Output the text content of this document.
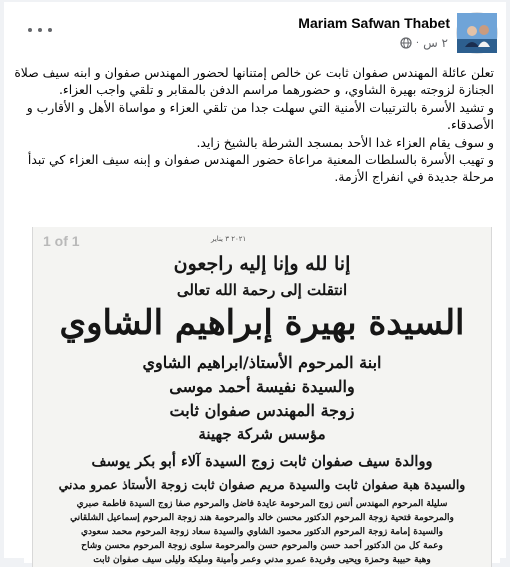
Mariam Safwan Thabet
٢ س
·

تعلن عائلة المهندس صفوان ثابت عن خالص إمتنانها لحضور المهندس صفوان و ابنه سيف صلاة الجنازة لزوجته بهيرة الشاوي، و حضورهما مراسم الدفن بالمقابر و تلقي واجب العزاء.

و تشيد الأسرة بالترتيبات الأمنية التي سهلت جدا من تلقي العزاء و مواساة الأهل و الأقارب و الأصدقاء.

و سوف يقام العزاء غدا الأحد بمسجد الشرطة بالشيخ زايد.

و تهيب الأسرة بالسلطات المعنية مراعاة حضور المهندس صفوان و إبنه سيف العزاء كي تبدأ مرحلة جديدة في انفراج الأزمة.

1 of 1	٢٠٢١ ٣ يناير
إنا لله وإنا إليه راجعون
انتقلت إلى رحمة الله تعالى
السيدة بهيرة إبراهيم الشاوي
ابنة المرحوم الأستاذ/ابراهيم الشاوي
والسيدة نفيسة أحمد موسى
زوجة المهندس صفوان ثابت
مؤسس شركة جهينة
ووالدة سيف صفوان ثابت زوج السيدة آلاء أبو بكر يوسف
والسيدة هبة صفوان ثابت والسيدة مريم صفوان ثابت زوجة الأستاذ عمرو مدني
سليلة المرحوم المهندس أنس زوج المرحومة عايدة فاضل والمرحوم صفا زوج السيدة فاطمة صبري
والمرحومة فتحية زوجة المرحوم الدكتور محسن خالد والمرحومة هند زوجة المرحوم إسماعيل الشلقاني
والسيدة إمامة زوجة المرحوم الدكتور محمود الشاوي والسيدة سعاد زوجة المرحوم محمد سعودي
وعمة كل من الدكتور أحمد حسن والمرحوم حسن والمرحومة سلوى زوجة المرحوم محسن وشاح
وهبة حبيبة وحمزة ويحيى وفريدة عمرو مدني وعمر وأمينة ومليكة وليلى سيف صفوان ثابت
